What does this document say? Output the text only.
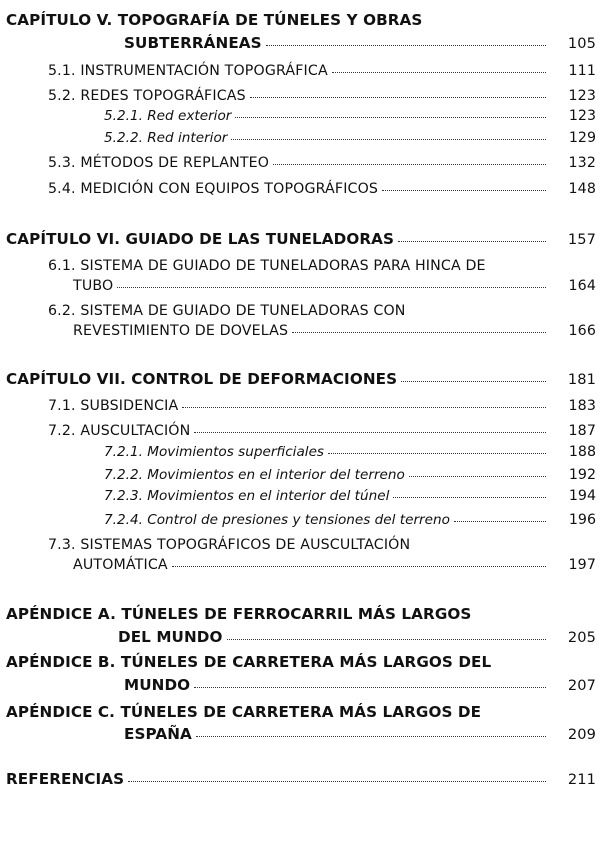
CAPÍTULO V. TOPOGRAFÍA DE TÚNELES Y OBRAS
SUBTERRÁNEAS	105
5.1. INSTRUMENTACIÓN TOPOGRÁFICA	111
5.2. REDES TOPOGRÁFICAS	123
5.2.1. Red exterior	123
5.2.2. Red interior	129
5.3. MÉTODOS DE REPLANTEO	132
5.4. MEDICIÓN CON EQUIPOS TOPOGRÁFICOS	148
CAPÍTULO VI. GUIADO DE LAS TUNELADORAS	157
6.1. SISTEMA DE GUIADO DE TUNELADORAS PARA HINCA DE
TUBO	164
6.2. SISTEMA DE GUIADO DE TUNELADORAS CON
REVESTIMIENTO DE DOVELAS	166
CAPÍTULO VII. CONTROL DE DEFORMACIONES	181
7.1. SUBSIDENCIA	183
7.2. AUSCULTACIÓN	187
7.2.1. Movimientos superficiales	188
7.2.2. Movimientos en el interior del terreno	192
7.2.3. Movimientos en el interior del túnel	194
7.2.4. Control de presiones y tensiones del terreno	196
7.3. SISTEMAS TOPOGRÁFICOS DE AUSCULTACIÓN
AUTOMÁTICA	197
APÉNDICE A. TÚNELES DE FERROCARRIL MÁS LARGOS
DEL MUNDO	205
APÉNDICE B. TÚNELES DE CARRETERA MÁS LARGOS DEL
MUNDO	207
APÉNDICE C. TÚNELES DE CARRETERA MÁS LARGOS DE
ESPAÑA	209
REFERENCIAS	211
